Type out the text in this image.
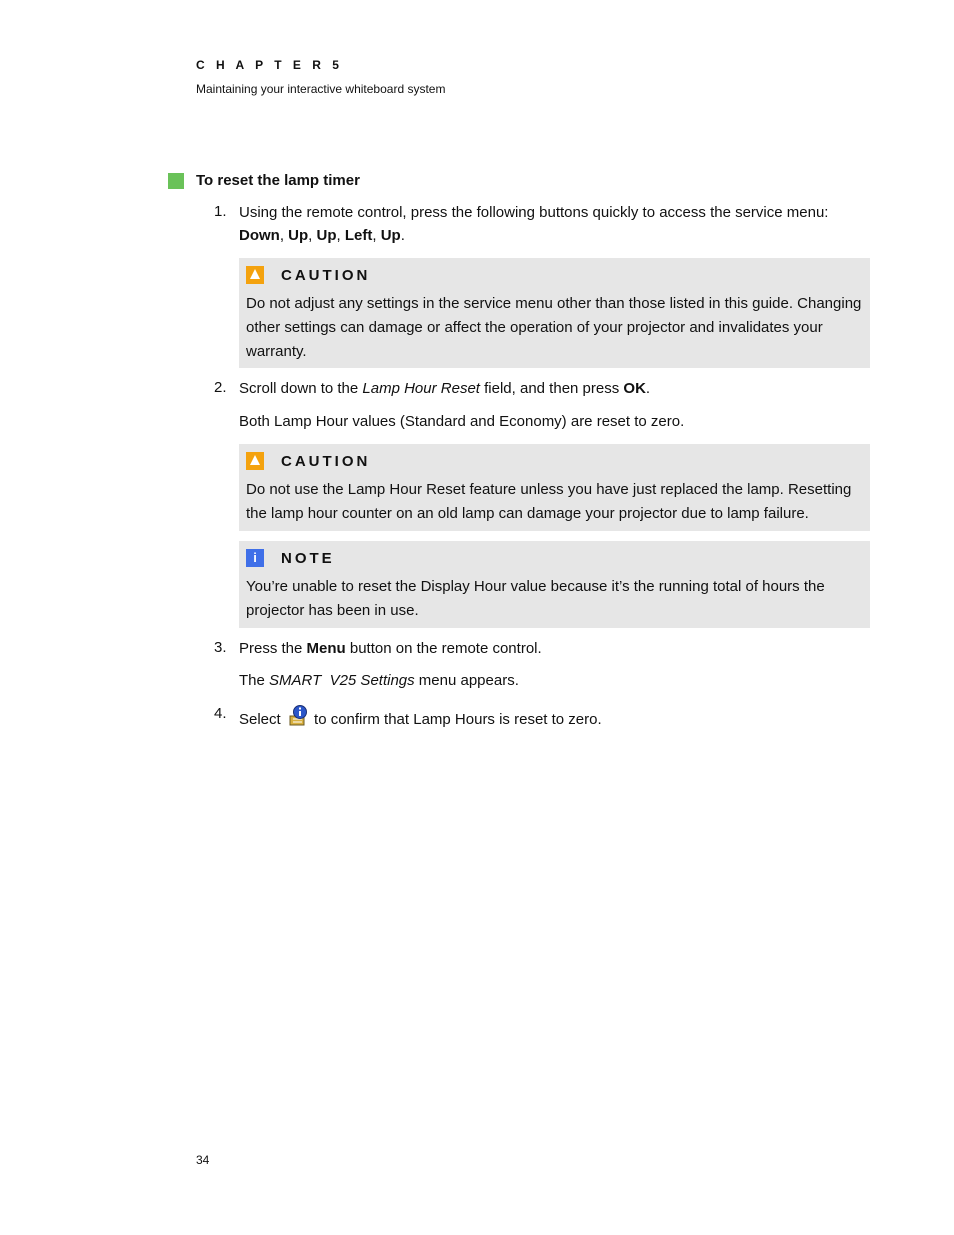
C H A P T E R 5
Maintaining your interactive whiteboard system
To reset the lamp timer
1. Using the remote control, press the following buttons quickly to access the service menu:
Down, Up, Up, Left, Up.
CAUTION
Do not adjust any settings in the service menu other than those listed in this guide. Changing
other settings can damage or affect the operation of your projector and invalidates your
warranty.
2. Scroll down to the Lamp Hour Reset field, and then press OK.
Both Lamp Hour values (Standard and Economy) are reset to zero.
CAUTION
Do not use the Lamp Hour Reset feature unless you have just replaced the lamp. Resetting
the lamp hour counter on an old lamp can damage your projector due to lamp failure.
i	NOTE
You’re unable to reset the Display Hour value because it’s the running total of hours the
projector has been in use.
3. Press the Menu button on the remote control.
The SMART  V25 Settings menu appears.
4. Select  to confirm that Lamp Hours is reset to zero.
34
